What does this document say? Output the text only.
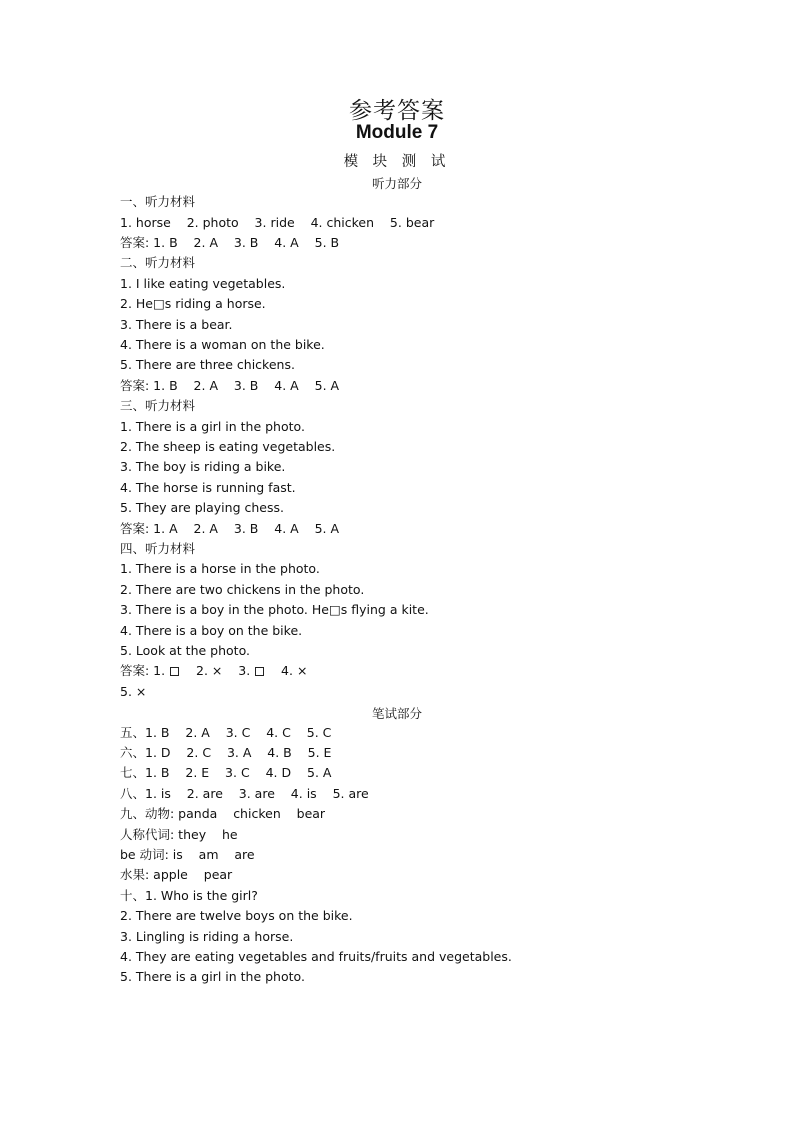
参考答案
Module 7
模 块 测 试
听力部分
一、听力材料
1. horse    2. photo    3. ride    4. chicken    5. bear
答案: 1. B    2. A    3. B    4. A    5. B
二、听力材料
1. I like eating vegetables.
2. He□s riding a horse.
3. There is a bear.
4. There is a woman on the bike.
5. There are three chickens.
答案: 1. B    2. A    3. B    4. A    5. A
三、听力材料
1. There is a girl in the photo.
2. The sheep is eating vegetables.
3. The boy is riding a bike.
4. The horse is running fast.
5. They are playing chess.
答案: 1. A    2. A    3. B    4. A    5. A
四、听力材料
1. There is a horse in the photo.
2. There are two chickens in the photo.
3. There is a boy in the photo. He□s flying a kite.
4. There is a boy on the bike.
5. Look at the photo.
答案: 1.     2. ×    3.     4. ×
5. ×
笔试部分
五、1. B    2. A    3. C    4. C    5. C
六、1. D    2. C    3. A    4. B    5. E
七、1. B    2. E    3. C    4. D    5. A
八、1. is    2. are    3. are    4. is    5. are
九、动物: panda    chicken    bear
人称代词: they    he
be 动词: is    am    are
水果: apple    pear
十、1. Who is the girl?
2. There are twelve boys on the bike.
3. Lingling is riding a horse.
4. They are eating vegetables and fruits/fruits and vegetables.
5. There is a girl in the photo.
